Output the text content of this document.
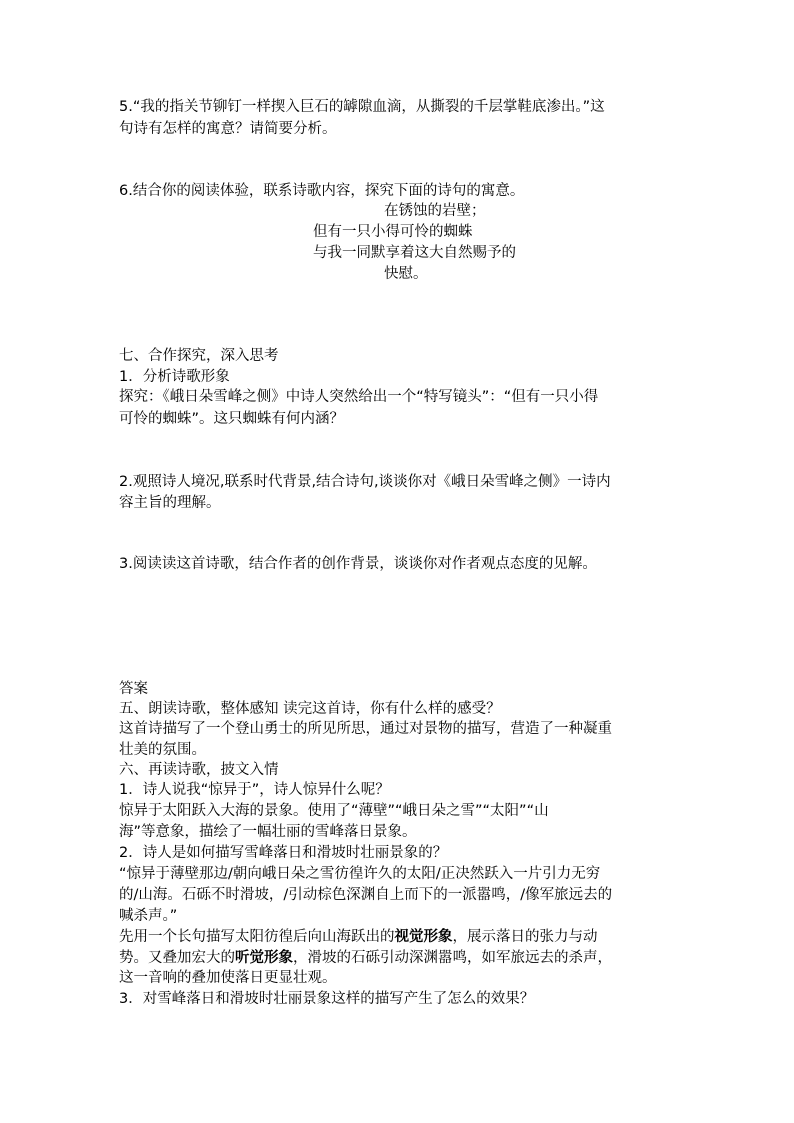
5.“我的指关节铆钉一样揳入巨石的罅隙血滴，从撕裂的千层掌鞋底渗出。”这
句诗有怎样的寓意？请简要分析。
6.结合你的阅读体验，联系诗歌内容，探究下面的诗句的寓意。
在锈蚀的岩壁；
但有一只小得可怜的蜘蛛
与我一同默享着这大自然赐予的
快慰。
七、合作探究，深入思考
1．分析诗歌形象
探究：《峨日朵雪峰之侧》中诗人突然给出一个“特写镜头”：“但有一只小得
可怜的蜘蛛”。这只蜘蛛有何内涵？
2.观照诗人境况,联系时代背景,结合诗句,谈谈你对《峨日朵雪峰之侧》一诗内
容主旨的理解。
3.阅读读这首诗歌，结合作者的创作背景，谈谈你对作者观点态度的见解。
答案
五、朗读诗歌，整体感知 读完这首诗，你有什么样的感受？
这首诗描写了一个登山勇士的所见所思，通过对景物的描写，营造了一种凝重
壮美的氛围。
六、再读诗歌，披文入情
1．诗人说我“惊异于”，诗人惊异什么呢？
惊异于太阳跃入大海的景象。使用了“薄壁”“峨日朵之雪”“太阳”“山
海”等意象，描绘了一幅壮丽的雪峰落日景象。
2．诗人是如何描写雪峰落日和滑坡时壮丽景象的？
“惊异于薄壁那边/朝向峨日朵之雪彷徨许久的太阳/正决然跃入一片引力无穷
的/山海。石砾不时滑坡，/引动棕色深渊自上而下的一派嚣鸣，/像军旅远去的
喊杀声。”
先用一个长句描写太阳彷徨后向山海跃出的视觉形象，展示落日的张力与动
势。又叠加宏大的听觉形象，滑坡的石砾引动深渊嚣鸣，如军旅远去的杀声，
这一音响的叠加使落日更显壮观。
3．对雪峰落日和滑坡时壮丽景象这样的描写产生了怎么的效果？
